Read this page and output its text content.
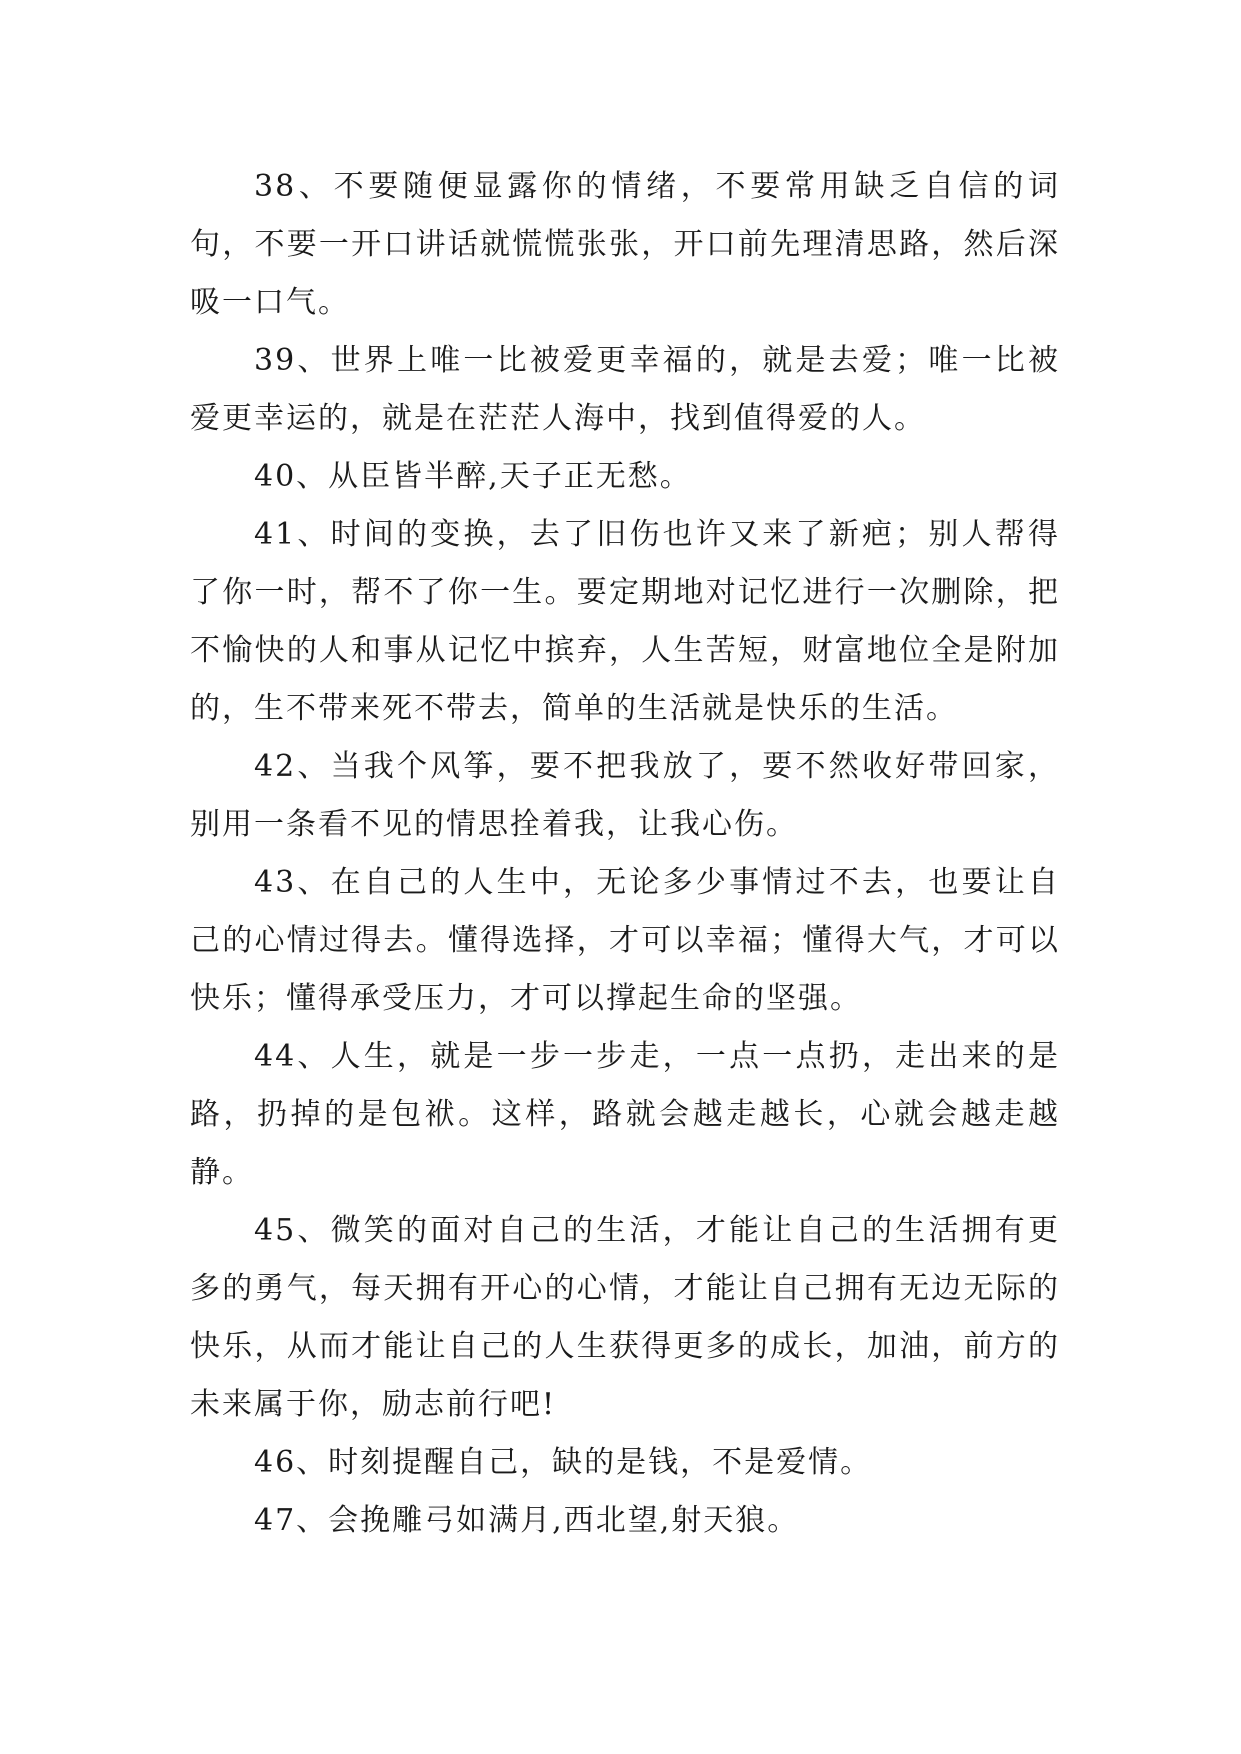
38、不要随便显露你的情绪，不要常用缺乏自信的词句，不要一开口讲话就慌慌张张，开口前先理清思路，然后深吸一口气。

39、世界上唯一比被爱更幸福的，就是去爱；唯一比被爱更幸运的，就是在茫茫人海中，找到值得爱的人。

40、从臣皆半醉,天子正无愁。

41、时间的变换，去了旧伤也许又来了新疤；别人帮得了你一时，帮不了你一生。要定期地对记忆进行一次删除，把不愉快的人和事从记忆中摈弃，人生苦短，财富地位全是附加的，生不带来死不带去，简单的生活就是快乐的生活。

42、当我个风筝，要不把我放了，要不然收好带回家，别用一条看不见的情思拴着我，让我心伤。

43、在自己的人生中，无论多少事情过不去，也要让自己的心情过得去。懂得选择，才可以幸福；懂得大气，才可以快乐；懂得承受压力，才可以撑起生命的坚强。

44、人生，就是一步一步走，一点一点扔，走出来的是路，扔掉的是包袱。这样，路就会越走越长，心就会越走越静。

45、微笑的面对自己的生活，才能让自己的生活拥有更多的勇气，每天拥有开心的心情，才能让自己拥有无边无际的快乐，从而才能让自己的人生获得更多的成长，加油，前方的未来属于你，励志前行吧!

46、时刻提醒自己，缺的是钱，不是爱情。

47、会挽雕弓如满月,西北望,射天狼。
